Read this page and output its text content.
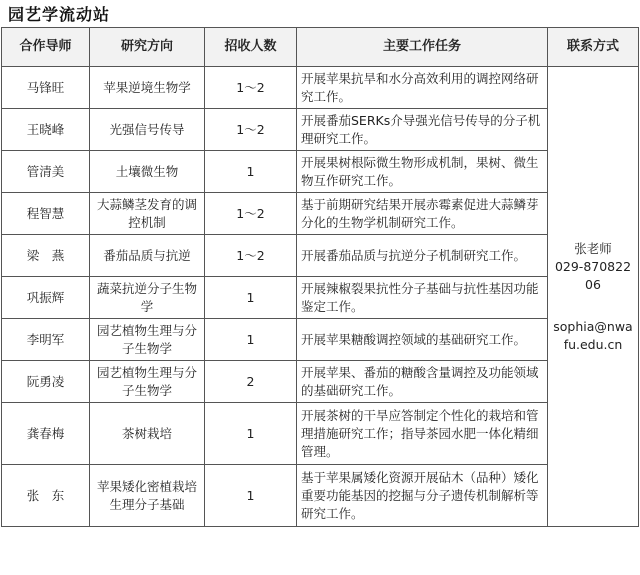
园艺学流动站
合作导师	研究方向	招收人数	主要工作任务	联系方式
马锋旺	苹果逆境生物学	1～2	开展苹果抗旱和水分高效利用的调控网络研究工作。	张老师
029-87082206
sophia@nwafu.edu.cn

王晓峰	光强信号传导	1～2	开展番茄SERKs介导强光信号传导的分子机理研究工作。	
管清美	土壤微生物	1	开展果树根际微生物形成机制，果树、微生物互作研究工作。	
程智慧	大蒜鳞茎发育的调控机制	1～2	基于前期研究结果开展赤霉素促进大蒜鳞芽分化的生物学机制研究工作。	
梁　燕	番茄品质与抗逆	1～2	开展番茄品质与抗逆分子机制研究工作。	
巩振辉	蔬菜抗逆分子生物学	1	开展辣椒裂果抗性分子基础与抗性基因功能鉴定工作。	
李明军	园艺植物生理与分子生物学	1	开展苹果糖酸调控领域的基础研究工作。	
阮勇凌	园艺植物生理与分子生物学	2	开展苹果、番茄的糖酸含量调控及功能领域的基础研究工作。	
龚春梅	茶树栽培	1	开展茶树的干旱应答制定个性化的栽培和管理措施研究工作；指导茶园水肥一体化精细管理。	
张　东	苹果矮化密植栽培生理分子基础	1	基于苹果属矮化资源开展砧木（品种）矮化重要功能基因的挖掘与分子遗传机制解析等研究工作。	
